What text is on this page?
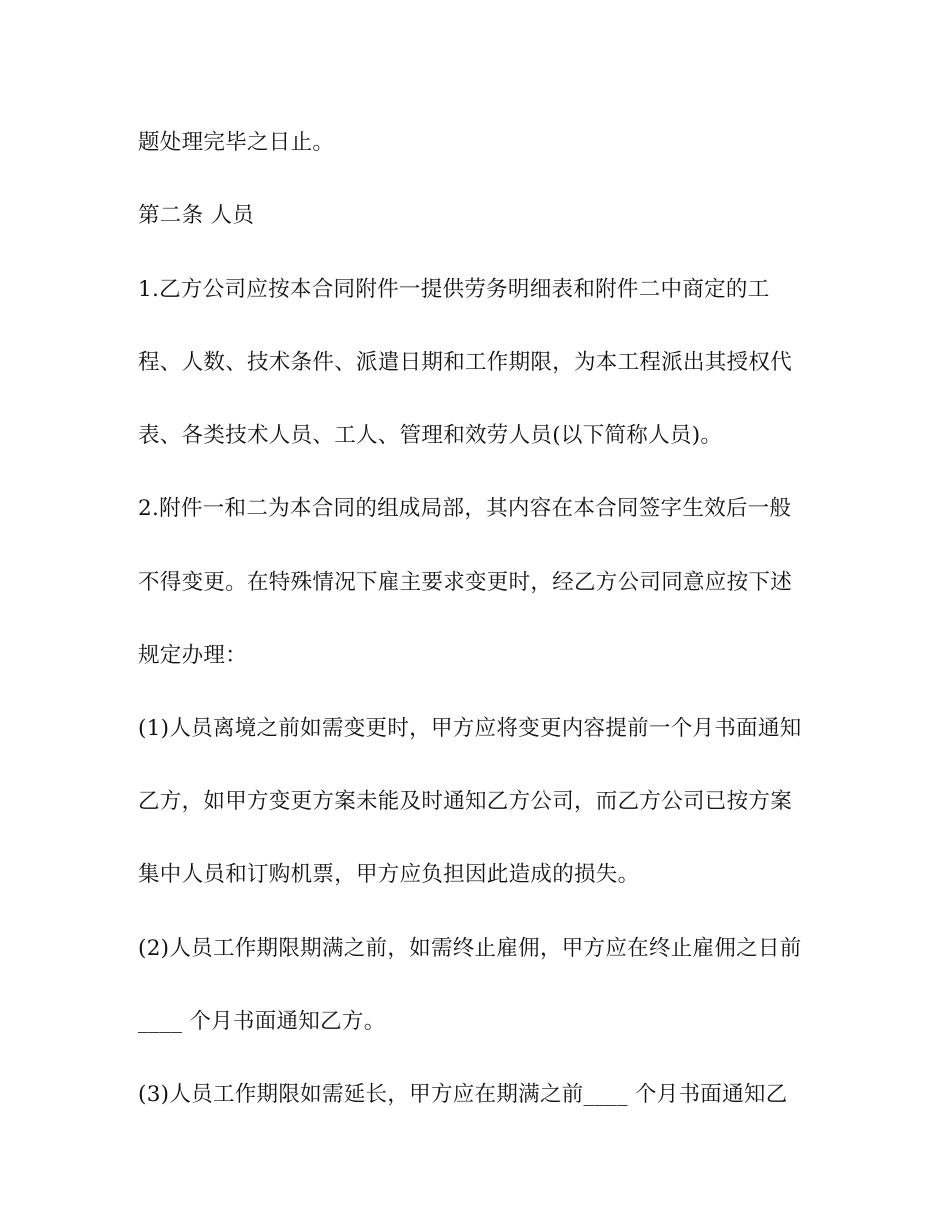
题处理完毕之日止。
第二条 人员
1.乙方公司应按本合同附件一提供劳务明细表和附件二中商定的工
程、人数、技术条件、派遣日期和工作期限，为本工程派出其授权代
表、各类技术人员、工人、管理和效劳人员(以下简称人员)。
2.附件一和二为本合同的组成局部，其内容在本合同签字生效后一般
不得变更。在特殊情况下雇主要求变更时，经乙方公司同意应按下述
规定办理：
(1)人员离境之前如需变更时，甲方应将变更内容提前一个月书面通知
乙方，如甲方变更方案未能及时通知乙方公司，而乙方公司已按方案
集中人员和订购机票，甲方应负担因此造成的损失。
(2)人员工作期限期满之前，如需终止雇佣，甲方应在终止雇佣之日前
____ 个月书面通知乙方。
(3)人员工作期限如需延长，甲方应在期满之前____ 个月书面通知乙
